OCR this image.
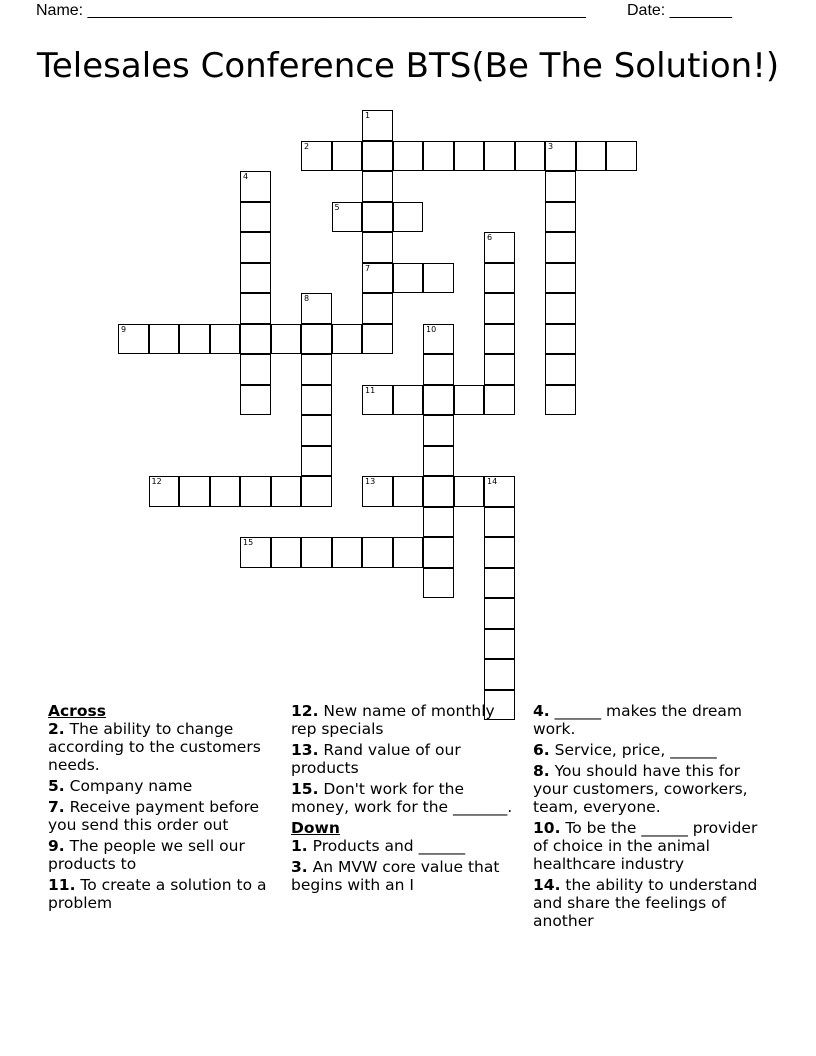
Name: ________________________________________________________	Date: _______
Telesales Conference BTS(Be The Solution!)
1
7
2	3
4
5
6
8
9	10
11
12	13	14
15
Across
2. The ability to change according to the customers needs.
5. Company name
7. Receive payment before you send this order out
9. The people we sell our products to
11. To create a solution to a problem
12. New name of monthly rep specials
13. Rand value of our products
15. Don't work for the money, work for the _______.
Down
1. Products and ______
3. An MVW core value that begins with an I
4. ______ makes the dream work.
6. Service, price, ______
8. You should have this for your customers, coworkers, team, everyone.
10. To be the ______ provider of choice in the animal healthcare industry
14. the ability to understand and share the feelings of another
